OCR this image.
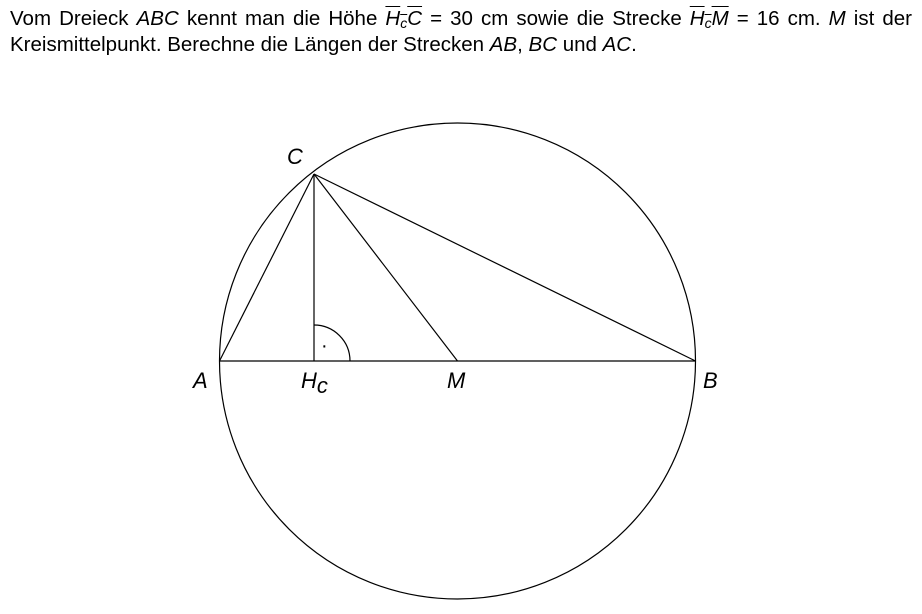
Vom Dreieck ABC kennt man die Höhe $H_cC = 30$ cm sowie die Strecke $H_cM = 16$ cm. M ist der Kreismittelpunkt. Berechne die Längen der Strecken AB, BC und AC.
·
C
A	B
M
Hc
